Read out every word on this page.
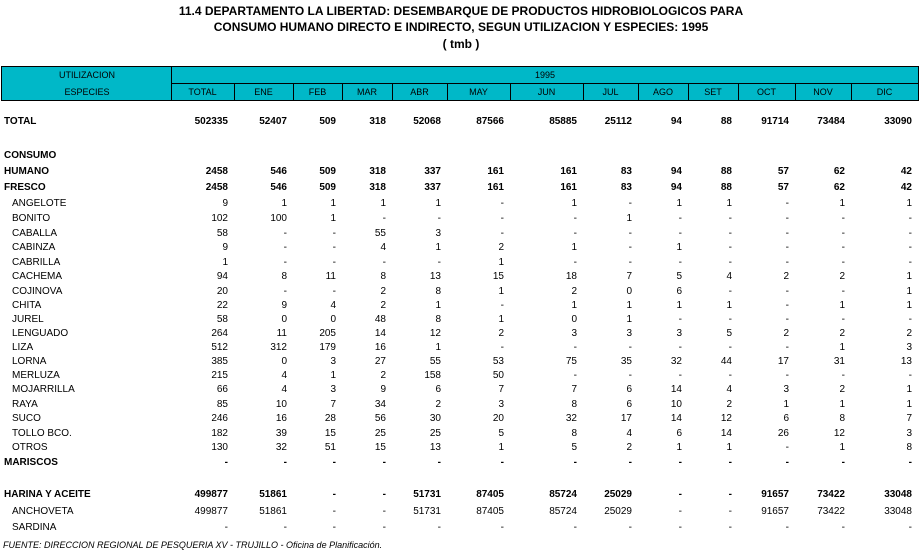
11.4 DEPARTAMENTO LA LIBERTAD: DESEMBARQUE DE PRODUCTOS HIDROBIOLOGICOS PARA
CONSUMO HUMANO DIRECTO E INDIRECTO, SEGUN UTILIZACION Y ESPECIES: 1995
( tmb )
UTILIZACION
ESPECIES
1995
TOTAL	ENE	FEB	MAR	ABR	MAY	JUN	JUL	AGO	SET	OCT	NOV	DIC
TOTAL	502335	52407	509	318	52068	87566	85885	25112	94	88	91714	73484	33090
CONSUMO
HUMANO	2458	546	509	318	337	161	161	83	94	88	57	62	42
FRESCO	2458	546	509	318	337	161	161	83	94	88	57	62	42
ANGELOTE	9	1	1	1	1	-	1	-	1	1	-	1	1
BONITO	102	100	1	-	-	-	-	1	-	-	-	-	-
CABALLA	58	-	-	55	3	-	-	-	-	-	-	-	-
CABINZA	9	-	-	4	1	2	1	-	1	-	-	-	-
CABRILLA	1	-	-	-	-	1	-	-	-	-	-	-	-
CACHEMA	94	8	11	8	13	15	18	7	5	4	2	2	1
COJINOVA	20	-	-	2	8	1	2	0	6	-	-	-	1
CHITA	22	9	4	2	1	-	1	1	1	1	-	1	1
JUREL	58	0	0	48	8	1	0	1	-	-	-	-	-
LENGUADO	264	11	205	14	12	2	3	3	3	5	2	2	2
LIZA	512	312	179	16	1	-	-	-	-	-	-	1	3
LORNA	385	0	3	27	55	53	75	35	32	44	17	31	13
MERLUZA	215	4	1	2	158	50	-	-	-	-	-	-	-
MOJARRILLA	66	4	3	9	6	7	7	6	14	4	3	2	1
RAYA	85	10	7	34	2	3	8	6	10	2	1	1	1
SUCO	246	16	28	56	30	20	32	17	14	12	6	8	7
TOLLO BCO.	182	39	15	25	25	5	8	4	6	14	26	12	3
OTROS	130	32	51	15	13	1	5	2	1	1	-	1	8
MARISCOS	-	-	-	-	-	-	-	-	-	-	-	-	-
HARINA Y ACEITE	499877	51861	-	-	51731	87405	85724	25029	-	-	91657	73422	33048
ANCHOVETA	499877	51861	-	-	51731	87405	85724	25029	-	-	91657	73422	33048
SARDINA	-	-	-	-	-	-	-	-	-	-	-	-	-
FUENTE: DIRECCION REGIONAL DE PESQUERIA XV - TRUJILLO - Oficina de Planificación.
